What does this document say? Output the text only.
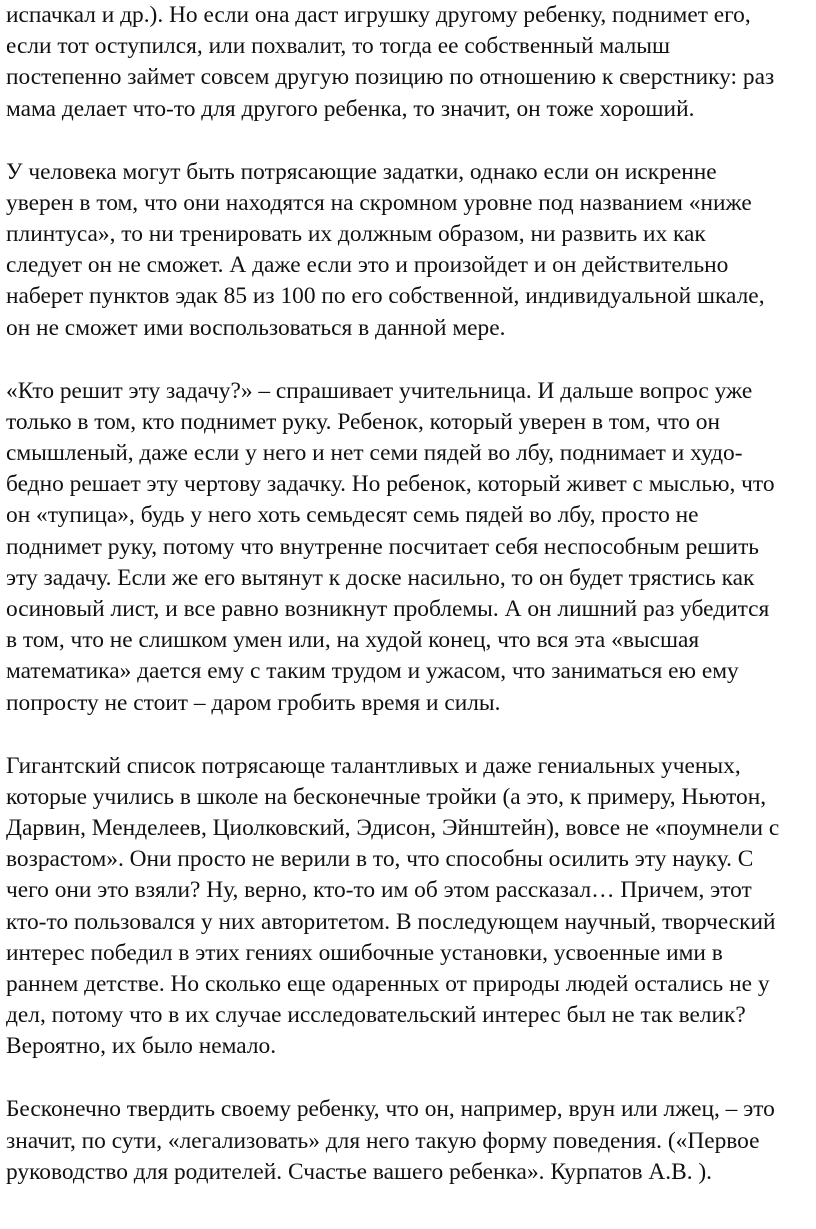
испачкал и др.). Но если она даст игрушку другому ребенку, поднимет его,
если тот оступился, или похвалит, то тогда ее собственный малыш
постепенно займет совсем другую позицию по отношению к сверстнику: раз
мама делает что-то для другого ребенка, то значит, он тоже хороший.

У человека могут быть потрясающие задатки, однако если он искренне
уверен в том, что они находятся на скромном уровне под названием «ниже
плинтуса», то ни тренировать их должным образом, ни развить их как
следует он не сможет. А даже если это и произойдет и он действительно
наберет пунктов эдак 85 из 100 по его собственной, индивидуальной шкале,
он не сможет ими воспользоваться в данной мере.

«Кто решит эту задачу?» – спрашивает учительница. И дальше вопрос уже
только в том, кто поднимет руку. Ребенок, который уверен в том, что он
смышленый, даже если у него и нет семи пядей во лбу, поднимает и худо-
бедно решает эту чертову задачку. Но ребенок, который живет с мыслью, что
он «тупица», будь у него хоть семьдесят семь пядей во лбу, просто не
поднимет руку, потому что внутренне посчитает себя неспособным решить
эту задачу. Если же его вытянут к доске насильно, то он будет трястись как
осиновый лист, и все равно возникнут проблемы. А он лишний раз убедится
в том, что не слишком умен или, на худой конец, что вся эта «высшая
математика» дается ему с таким трудом и ужасом, что заниматься ею ему
попросту не стоит – даром гробить время и силы.

Гигантский список потрясающе талантливых и даже гениальных ученых,
которые учились в школе на бесконечные тройки (а это, к примеру, Ньютон,
Дарвин, Менделеев, Циолковский, Эдисон, Эйнштейн), вовсе не «поумнели с
возрастом». Они просто не верили в то, что способны осилить эту науку. С
чего они это взяли? Ну, верно, кто-то им об этом рассказал… Причем, этот
кто-то пользовался у них авторитетом. В последующем научный, творческий
интерес победил в этих гениях ошибочные установки, усвоенные ими в
раннем детстве. Но сколько еще одаренных от природы людей остались не у
дел, потому что в их случае исследовательский интерес был не так велик?
Вероятно, их было немало.

Бесконечно твердить своему ребенку, что он, например, врун или лжец, – это
значит, по сути, «легализовать» для него такую форму поведения. («Первое
руководство для родителей. Счастье вашего ребенка». Курпатов А.В. ).
